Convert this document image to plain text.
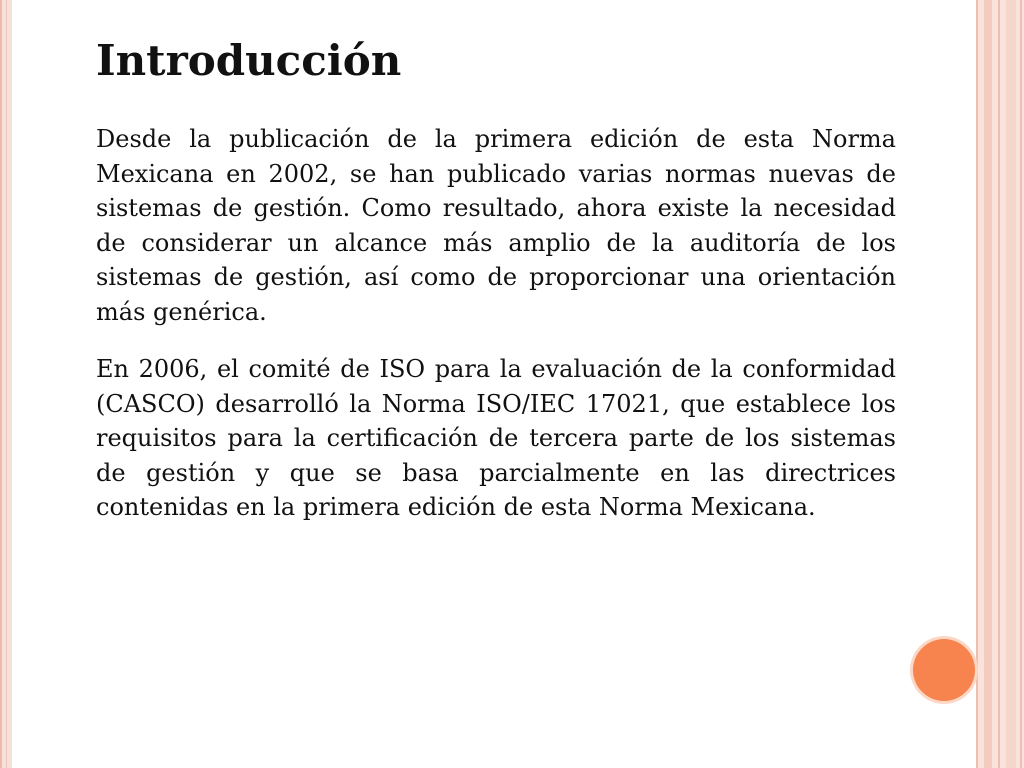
Introducción

Desde la publicación de la primera edición de esta Norma Mexicana en 2002, se han publicado varias normas nuevas de sistemas de gestión. Como resultado, ahora existe la necesidad de considerar un alcance más amplio de la auditoría de los sistemas de gestión, así como de proporcionar una orientación más genérica.

En 2006, el comité de ISO para la evaluación de la conformidad (CASCO) desarrolló la Norma ISO/IEC 17021, que establece los requisitos para la certificación de tercera parte de los sistemas de gestión y que se basa parcialmente en las directrices contenidas en la primera edición de esta Norma Mexicana.
